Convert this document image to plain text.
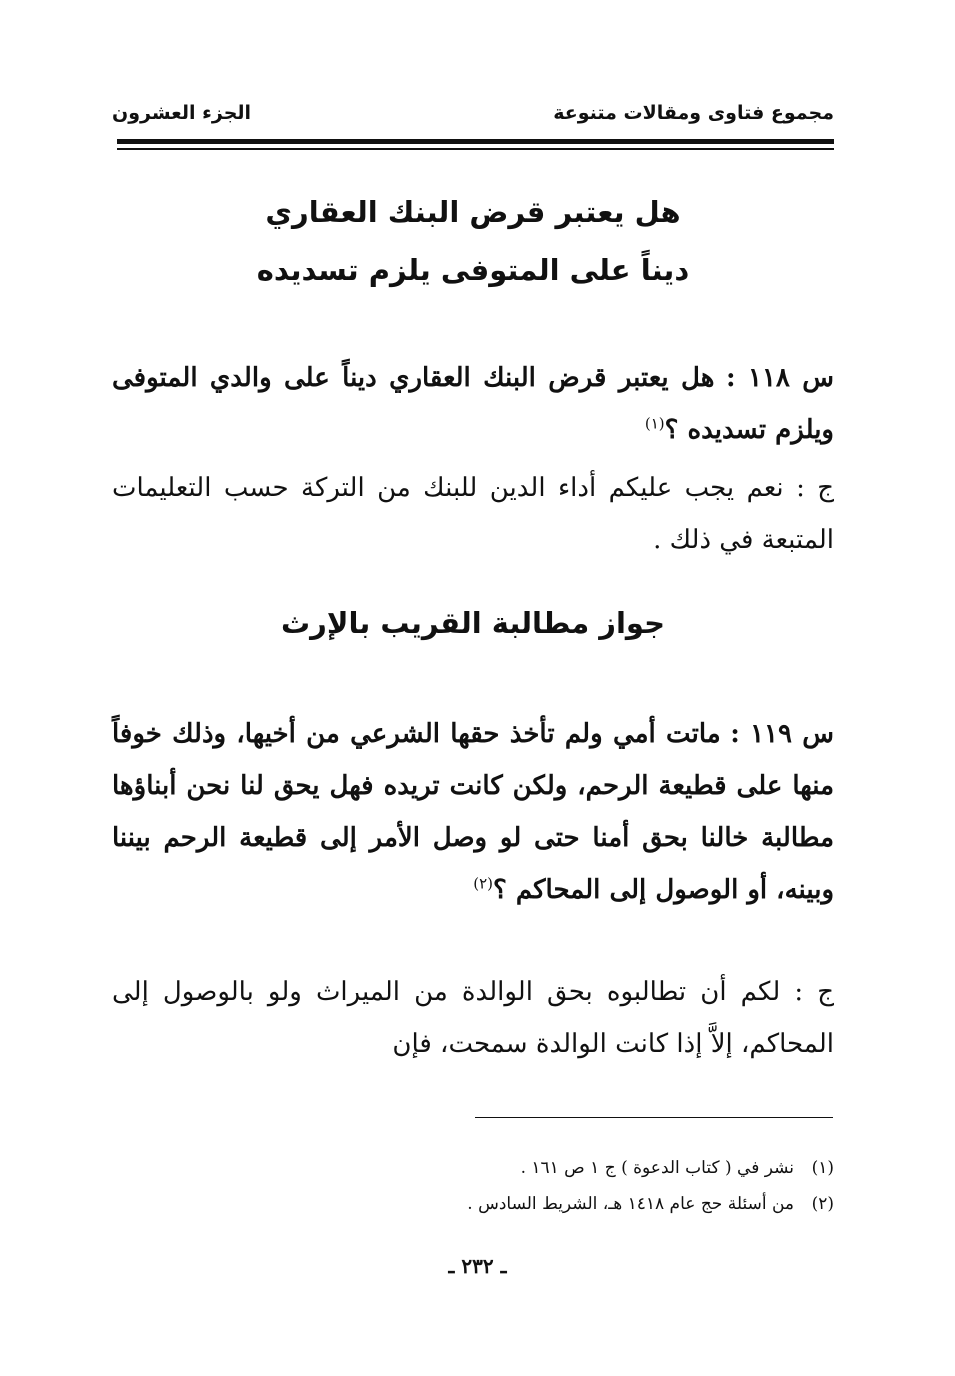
مجموع فتاوى ومقالات متنوعة
الجزء العشرون
هل يعتبر قرض البنك العقاري
ديناً على المتوفى يلزم تسديده
س ١١٨ : هل يعتبر قرض البنك العقاري ديناً على والدي المتوفى ويلزم تسديده ؟$^{(١)}$
ج : نعم يجب عليكم أداء الدين للبنك من التركة حسب التعليمات المتبعة في ذلك .
جواز مطالبة القريب بالإرث
س ١١٩ : ماتت أمي ولم تأخذ حقها الشرعي من أخيها، وذلك خوفاً منها على قطيعة الرحم، ولكن كانت تريده فهل يحق لنا نحن أبناؤها مطالبة خالنا بحق أمنا حتى لو وصل الأمر إلى قطيعة الرحم بيننا وبينه، أو الوصول إلى المحاكم ؟$^{(٢)}$
ج : لكم أن تطالبوه بحق الوالدة من الميراث ولو بالوصول إلى المحاكم، إلاَّ إذا كانت الوالدة سمحت، فإن
(١)
نشر في ( كتاب الدعوة ) ج ١ ص ١٦١ .
(٢)
من أسئلة حج عام ١٤١٨ هـ، الشريط السادس .
ـ ٢٣٢ ـ
